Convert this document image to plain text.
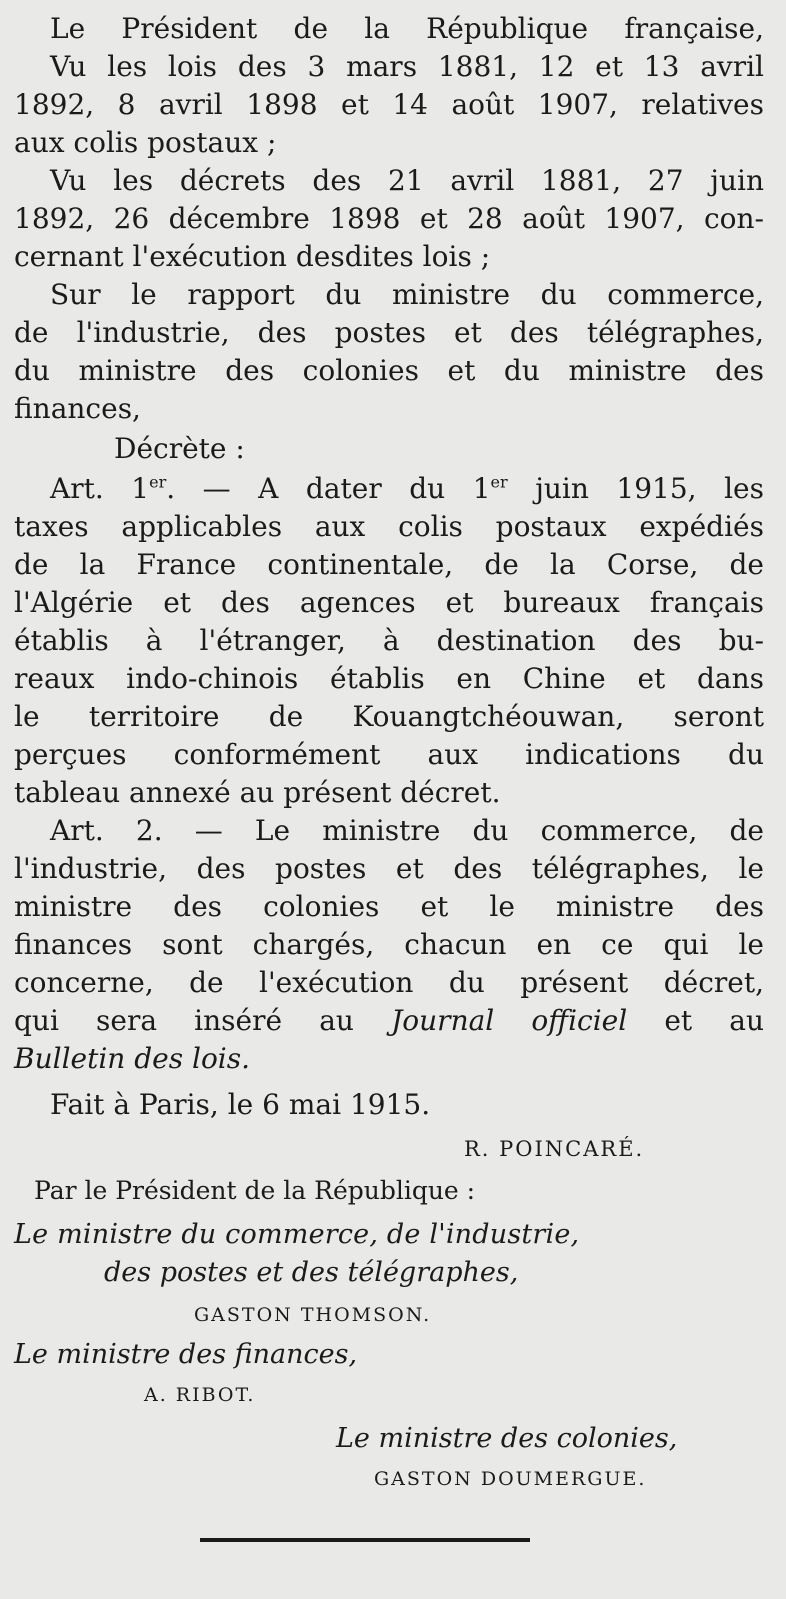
Le Président de la République française,
Vu les lois des 3 mars 1881, 12 et 13 avril
1892, 8 avril 1898 et 14 août 1907, relatives
aux colis postaux ;
Vu les décrets des 21 avril 1881, 27 juin
1892, 26 décembre 1898 et 28 août 1907, con-
cernant l'exécution desdites lois ;
Sur le rapport du ministre du commerce,
de l'industrie, des postes et des télégraphes,
du ministre des colonies et du ministre des
finances,
Décrète :
Art. 1er. — A dater du 1er juin 1915, les
taxes applicables aux colis postaux expédiés
de la France continentale, de la Corse, de
l'Algérie et des agences et bureaux français
établis à l'étranger, à destination des bu-
reaux indo-chinois établis en Chine et dans
le territoire de Kouangtchéouwan, seront
perçues conformément aux indications du
tableau annexé au présent décret.
Art. 2. — Le ministre du commerce, de
l'industrie, des postes et des télégraphes, le
ministre des colonies et le ministre des
finances sont chargés, chacun en ce qui le
concerne, de l'exécution du présent décret,
qui sera inséré au Journal officiel et au
Bulletin des lois.
Fait à Paris, le 6 mai 1915.
R. POINCARÉ.
Par le Président de la République :
Le ministre du commerce, de l'industrie,
des postes et des télégraphes,
GASTON THOMSON.
Le ministre des finances,
A. RIBOT.
Le ministre des colonies,
GASTON DOUMERGUE.
